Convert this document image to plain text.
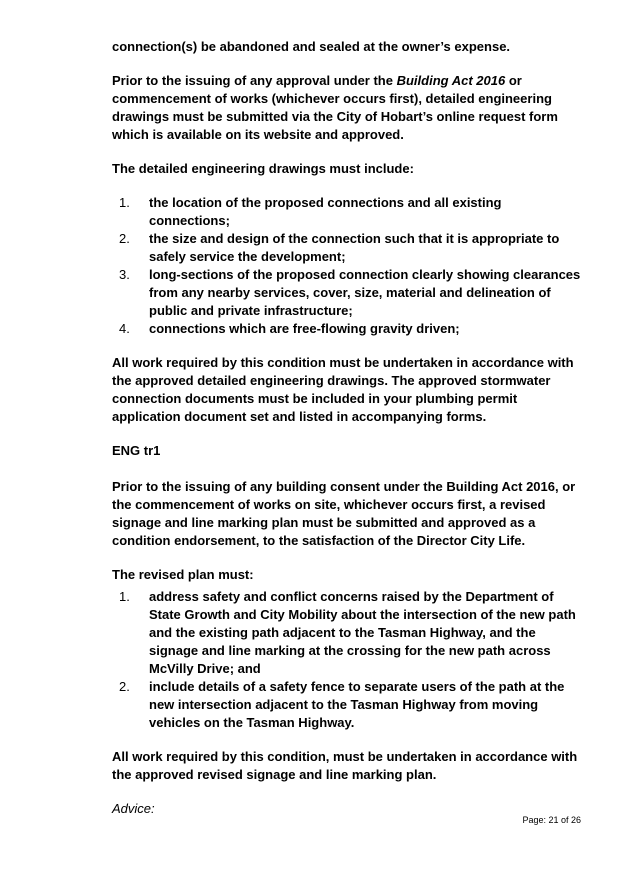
connection(s) be abandoned and sealed at the owner’s expense.

Prior to the issuing of any approval under the Building Act 2016 or commencement of works (whichever occurs first), detailed engineering drawings must be submitted via the City of Hobart’s online request form which is available on its website and approved.

The detailed engineering drawings must include:

1. the location of the proposed connections and all existing connections;
2. the size and design of the connection such that it is appropriate to safely service the development;
3. long-sections of the proposed connection clearly showing clearances from any nearby services, cover, size, material and delineation of public and private infrastructure;
4. connections which are free-flowing gravity driven;

All work required by this condition must be undertaken in accordance with the approved detailed engineering drawings. The approved stormwater connection documents must be included in your plumbing permit application document set and listed in accompanying forms.

ENG tr1

Prior to the issuing of any building consent under the Building Act 2016, or the commencement of works on site, whichever occurs first, a revised signage and line marking plan must be submitted and approved as a condition endorsement, to the satisfaction of the Director City Life.

The revised plan must:

1. address safety and conflict concerns raised by the Department of State Growth and City Mobility about the intersection of the new path and the existing path adjacent to the Tasman Highway, and the signage and line marking at the crossing for the new path across McVilly Drive; and
2. include details of a safety fence to separate users of the path at the new intersection adjacent to the Tasman Highway from moving vehicles on the Tasman Highway.

All work required by this condition, must be undertaken in accordance with the approved revised signage and line marking plan.

Advice:

Page: 21 of 26
